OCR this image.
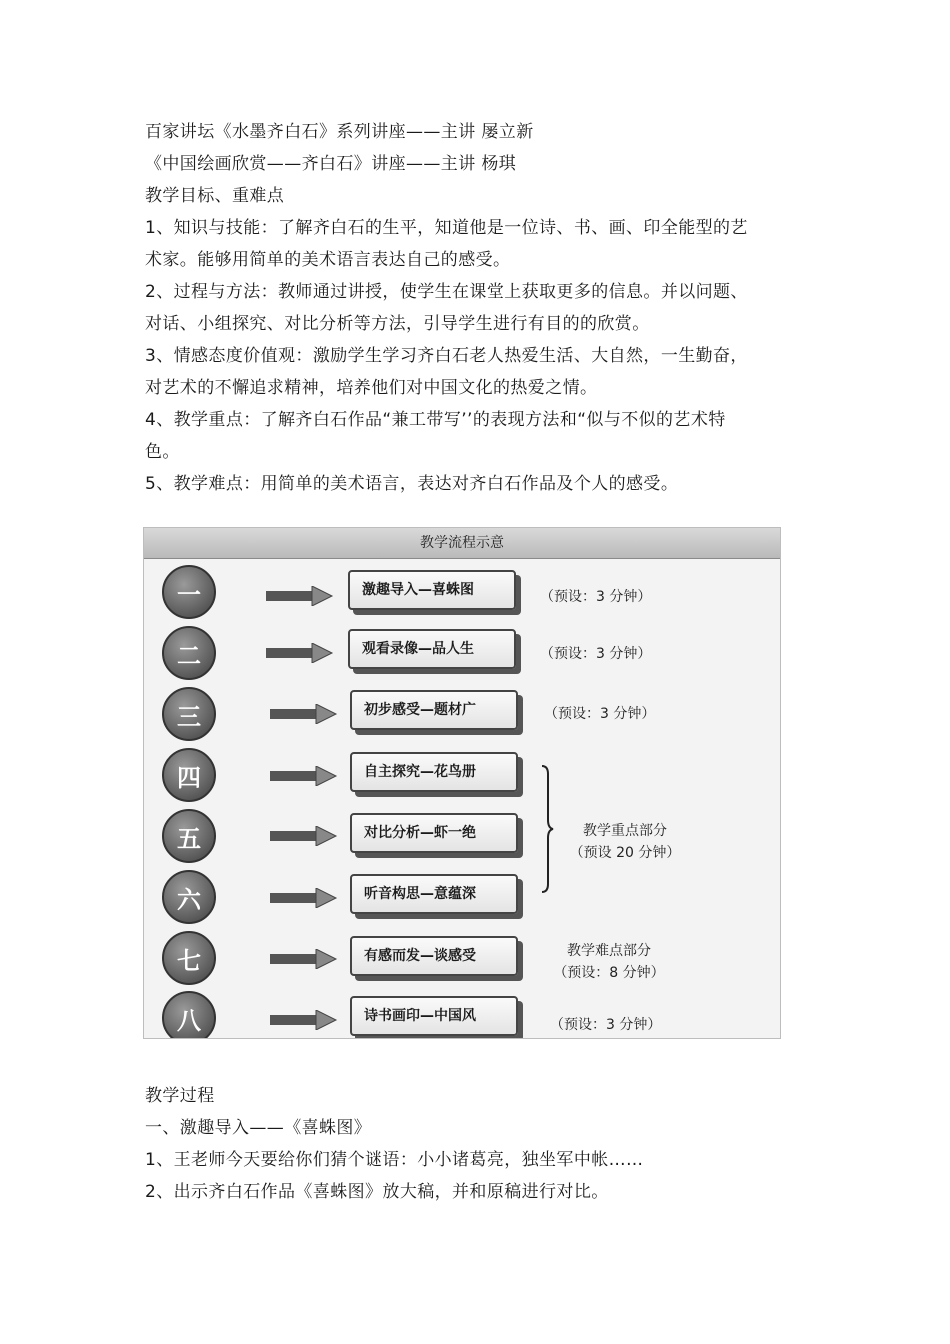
百家讲坛《水墨齐白石》系列讲座——主讲 屡立新
《中国绘画欣赏——齐白石》讲座——主讲 杨琪
教学目标、重难点
1、知识与技能：了解齐白石的生平，知道他是一位诗、书、画、印全能型的艺
术家。能够用简单的美术语言表达自己的感受。
2、过程与方法：教师通过讲授，使学生在课堂上获取更多的信息。并以问题、
对话、小组探究、对比分析等方法，引导学生进行有目的的欣赏。
3、情感态度价值观：激励学生学习齐白石老人热爱生活、大自然，一生勤奋，
对艺术的不懈追求精神，培养他们对中国文化的热爱之情。
4、教学重点：了解齐白石作品“兼工带写’’的表现方法和“似与不似的艺术特
色。
5、教学难点：用简单的美术语言，表达对齐白石作品及个人的感受。
教学流程示意
一	激趣导入—喜蛛图	（预设：3 分钟）
二	观看录像—品人生	（预设：3 分钟）
三	初步感受—题材广	（预设：3 分钟）
四	自主探究—花鸟册
五	对比分析—虾一绝
六	听音构思—意蕴深
教学重点部分
（预设 20 分钟）
七	有感而发—谈感受	教学难点部分
（预设：8 分钟）
八	诗书画印—中国风
（预设：3 分钟）
教学过程
一、激趣导入——《喜蛛图》
1、王老师今天要给你们猜个谜语：小小诸葛亮，独坐军中帐……
2、出示齐白石作品《喜蛛图》放大稿，并和原稿进行对比。
